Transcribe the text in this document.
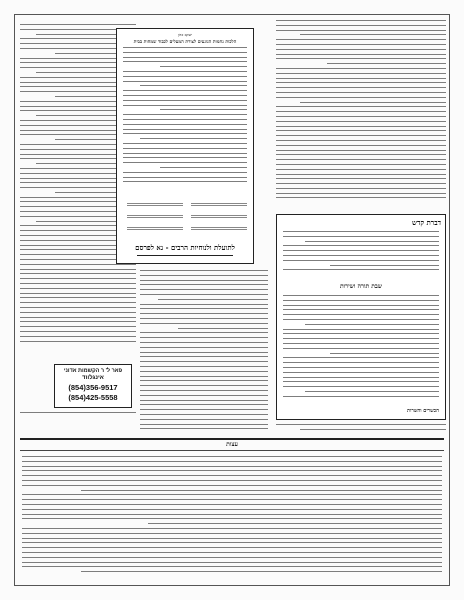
פאר ל' ר הקשמות אדוני
אינגלווד
(854)356-9517
(854)425-5558
יעקב כהן
הלכות נחמות הנוגעים לצורת המעלים לכבוד שמחות בבית
לתועלת ולנוחיות הרבים - נא לפרסם
דברת קדש
שבת תורה ושירות
הכשרים והשרות
עצות
